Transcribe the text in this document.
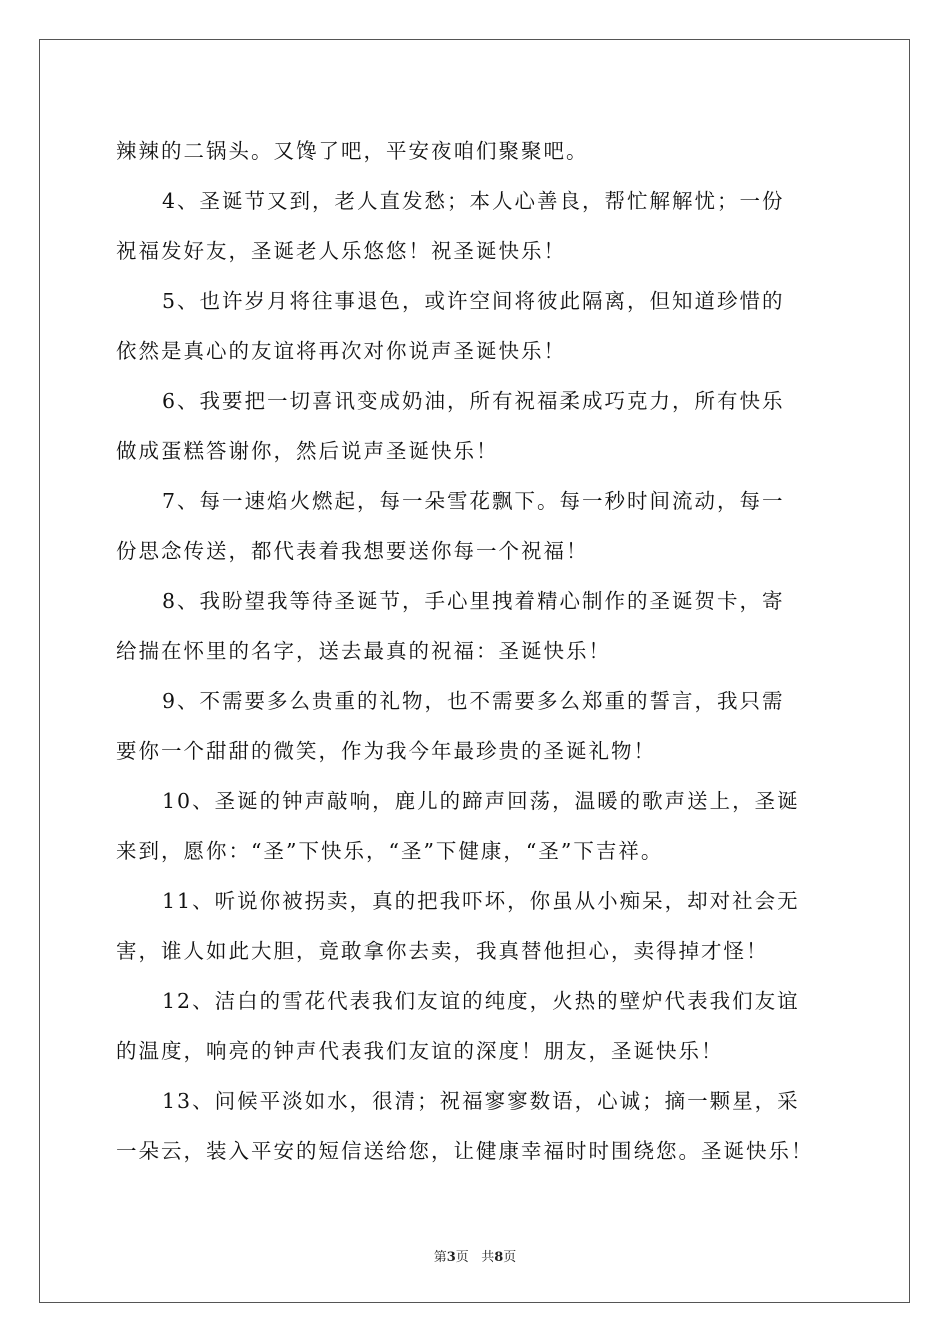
辣辣的二锅头。又馋了吧，平安夜咱们聚聚吧。
4、圣诞节又到，老人直发愁；本人心善良，帮忙解解忧；一份
祝福发好友，圣诞老人乐悠悠！祝圣诞快乐！
5、也许岁月将往事退色，或许空间将彼此隔离，但知道珍惜的
依然是真心的友谊将再次对你说声圣诞快乐！
6、我要把一切喜讯变成奶油，所有祝福柔成巧克力，所有快乐
做成蛋糕答谢你，然后说声圣诞快乐！
7、每一速焰火燃起，每一朵雪花飘下。每一秒时间流动，每一
份思念传送，都代表着我想要送你每一个祝福！
8、我盼望我等待圣诞节，手心里拽着精心制作的圣诞贺卡，寄
给揣在怀里的名字，送去最真的祝福：圣诞快乐！
9、不需要多么贵重的礼物，也不需要多么郑重的誓言，我只需
要你一个甜甜的微笑，作为我今年最珍贵的圣诞礼物！
10、圣诞的钟声敲响，鹿儿的蹄声回荡，温暖的歌声送上，圣诞
来到，愿你：“圣”下快乐，“圣”下健康，“圣”下吉祥。
11、听说你被拐卖，真的把我吓坏，你虽从小痴呆，却对社会无
害，谁人如此大胆，竟敢拿你去卖，我真替他担心，卖得掉才怪！
12、洁白的雪花代表我们友谊的纯度，火热的壁炉代表我们友谊
的温度，响亮的钟声代表我们友谊的深度！朋友，圣诞快乐！
13、问候平淡如水，很清；祝福寥寥数语，心诚；摘一颗星，采
一朵云，装入平安的短信送给您，让健康幸福时时围绕您。圣诞快乐！
第3页 共8页
